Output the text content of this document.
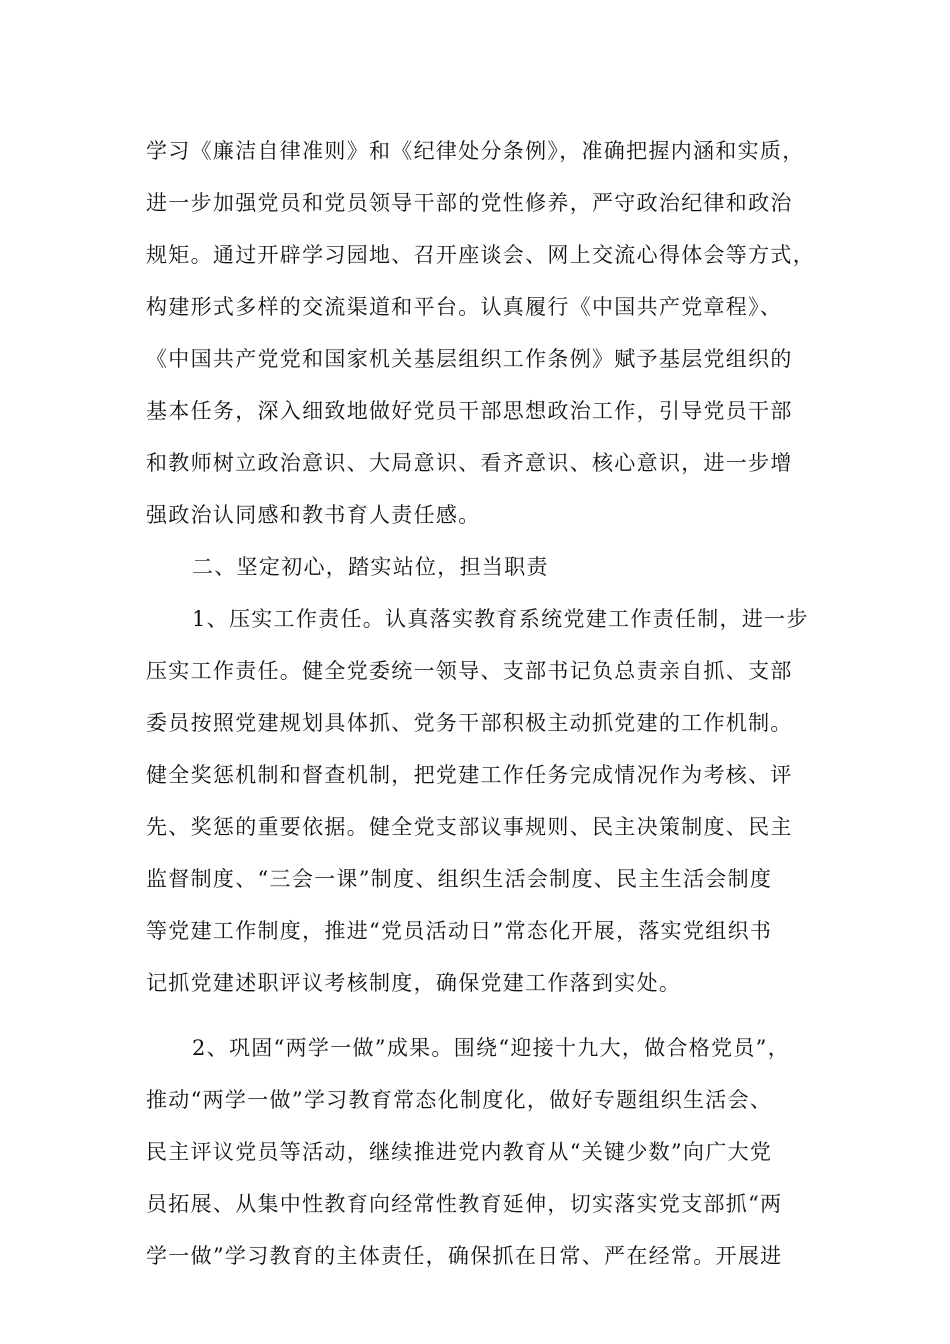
学习《廉洁自律准则》和《纪律处分条例》，准确把握内涵和实质，
进一步加强党员和党员领导干部的党性修养，严守政治纪律和政治
规矩。通过开辟学习园地、召开座谈会、网上交流心得体会等方式，
构建形式多样的交流渠道和平台。认真履行《中国共产党章程》、
《中国共产党党和国家机关基层组织工作条例》赋予基层党组织的
基本任务，深入细致地做好党员干部思想政治工作，引导党员干部
和教师树立政治意识、大局意识、看齐意识、核心意识，进一步增
强政治认同感和教书育人责任感。
二、坚定初心，踏实站位，担当职责
1、压实工作责任。认真落实教育系统党建工作责任制，进一步
压实工作责任。健全党委统一领导、支部书记负总责亲自抓、支部
委员按照党建规划具体抓、党务干部积极主动抓党建的工作机制。
健全奖惩机制和督查机制，把党建工作任务完成情况作为考核、评
先、奖惩的重要依据。健全党支部议事规则、民主决策制度、民主
监督制度、“三会一课”制度、组织生活会制度、民主生活会制度
等党建工作制度，推进“党员活动日”常态化开展，落实党组织书
记抓党建述职评议考核制度，确保党建工作落到实处。
2、巩固“两学一做”成果。围绕“迎接十九大，做合格党员”，
推动“两学一做”学习教育常态化制度化，做好专题组织生活会、
民主评议党员等活动，继续推进党内教育从“关键少数”向广大党
员拓展、从集中性教育向经常性教育延伸，切实落实党支部抓“两
学一做”学习教育的主体责任，确保抓在日常、严在经常。开展进
